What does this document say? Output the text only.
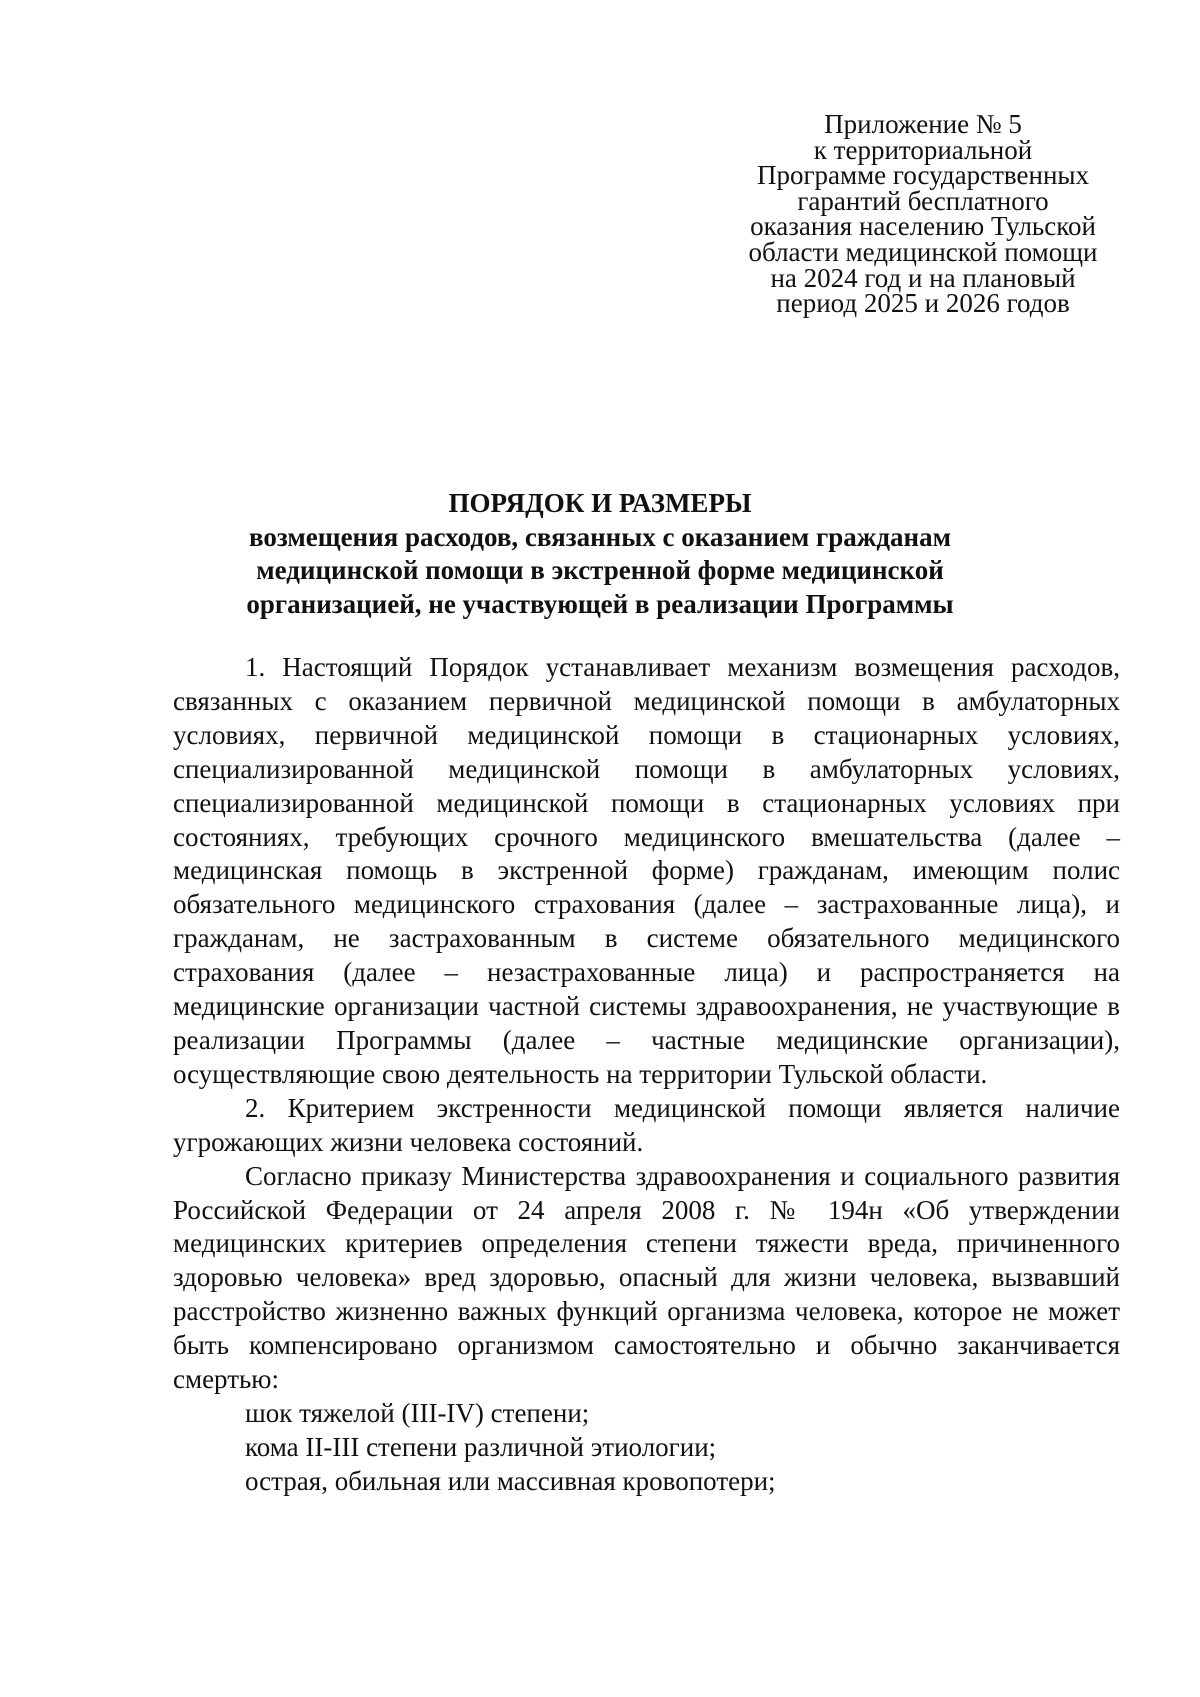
Приложение № 5
к территориальной
Программе государственных
гарантий бесплатного
оказания населению Тульской
области медицинской помощи
на 2024 год и на плановый
период 2025 и 2026 годов
ПОРЯДОК И РАЗМЕРЫ
возмещения расходов, связанных с оказанием гражданам
медицинской помощи в экстренной форме медицинской
организацией, не участвующей в реализации Программы

1. Настоящий Порядок устанавливает механизм возмещения расходов, связанных с оказанием первичной медицинской помощи в амбулаторных условиях, первичной медицинской помощи в стационарных условиях, специализированной медицинской помощи в амбулаторных условиях, специализированной медицинской помощи в стационарных условиях при состояниях, требующих срочного медицинского вмешательства (далее – медицинская помощь в экстренной форме) гражданам, имеющим полис обязательного медицинского страхования (далее – застрахованные лица), и гражданам, не застрахованным в системе обязательного медицинского страхования (далее – незастрахованные лица) и распространяется на медицинские организации частной системы здравоохранения, не участвующие в реализации Программы (далее – частные медицинские организации), осуществляющие свою деятельность на территории Тульской области.

2. Критерием экстренности медицинской помощи является наличие угрожающих жизни человека состояний.

Согласно приказу Министерства здравоохранения и социального развития Российской Федерации от 24 апреля 2008 г. № 194н «Об утверждении медицинских критериев определения степени тяжести вреда, причиненного здоровью человека» вред здоровью, опасный для жизни человека, вызвавший расстройство жизненно важных функций организма человека, которое не может быть компенсировано организмом самостоятельно и обычно заканчивается смертью:

шок тяжелой (III-IV) степени;

кома II-III степени различной этиологии;

острая, обильная или массивная кровопотери;
